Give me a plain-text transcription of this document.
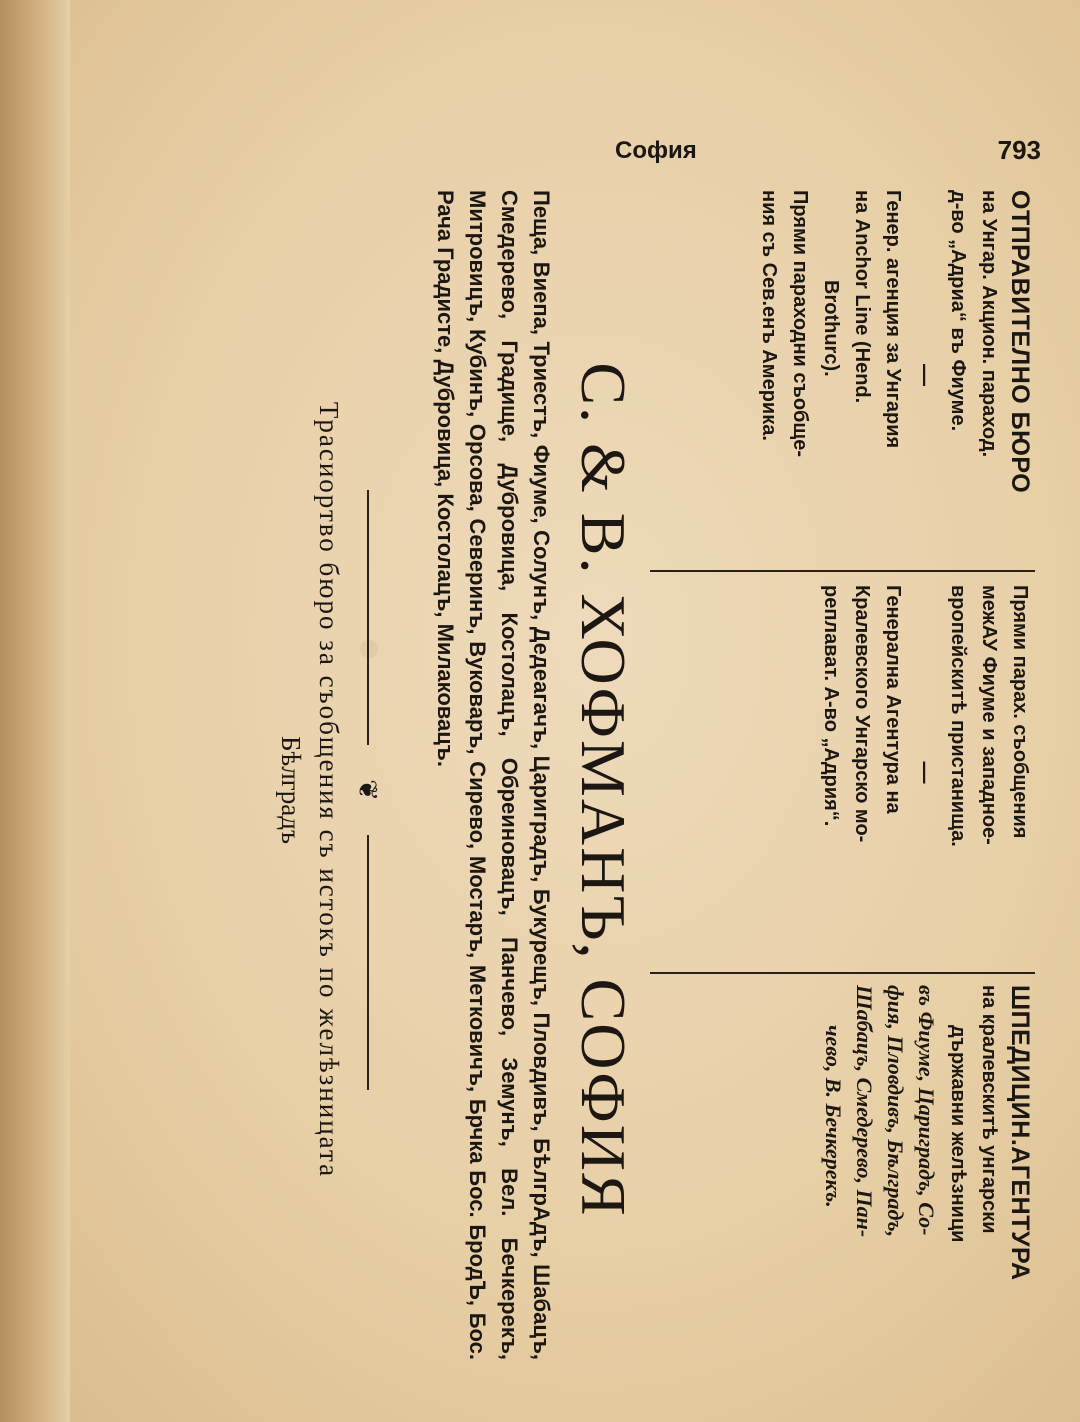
София	793

ОТПРАВИТЕЛНО БЮРО

на Унгар. Акцион. параход.

д-во „Адриа“ въ Фиуме.

—

Генер. агенция за Унгария

на Anchor Line (Hend.

Brothurc).

Прями параходни съобще-

ния съ Сев.енъ Америка.

Прями парах. съобщения

межАУ Фиуме и западное-

вропейскитѣ пристанища.

—

Генерална Агентура на

Кралевского Унгарско мо-

реплават. А-во „Адрия“.

ШПЕДИЦИН.АГЕНТУРА

на кралевскитѣ унгарски

държавни желѣзници

въ Фиуме, Цариградъ, Со-

фия, Пловдивъ, Бѣлградъ,

Шабацъ, Смедерево, Пан-

чево, В. Бечкерекъ.

С. & В. ХОФМАНЪ, СОФИЯ
Пеща, Виепа, Триестъ, Фиуме, Солунъ, Дедеагачъ, Цариградъ, Букурещъ, Пловдивъ, БѣлгрАдъ, Шабацъ, Смедерево, Градище, Дубровица, Костолацъ, Обреиновацъ, Панчево, Земунъ, Вел. Бечкерекъ, Митровицъ, Кубинъ, Орсова, Северинъ, Вуковаръ, Сирево, Мостаръ, Метковичъ, Брчка Бос. БродЪ, Бос. Рача Градисте, Дубровица, Костолацъ, Милаковацъ.
❦
Трасиортво бюро за съобщения съ истокъ по желѣзницата
Бѣлградъ
